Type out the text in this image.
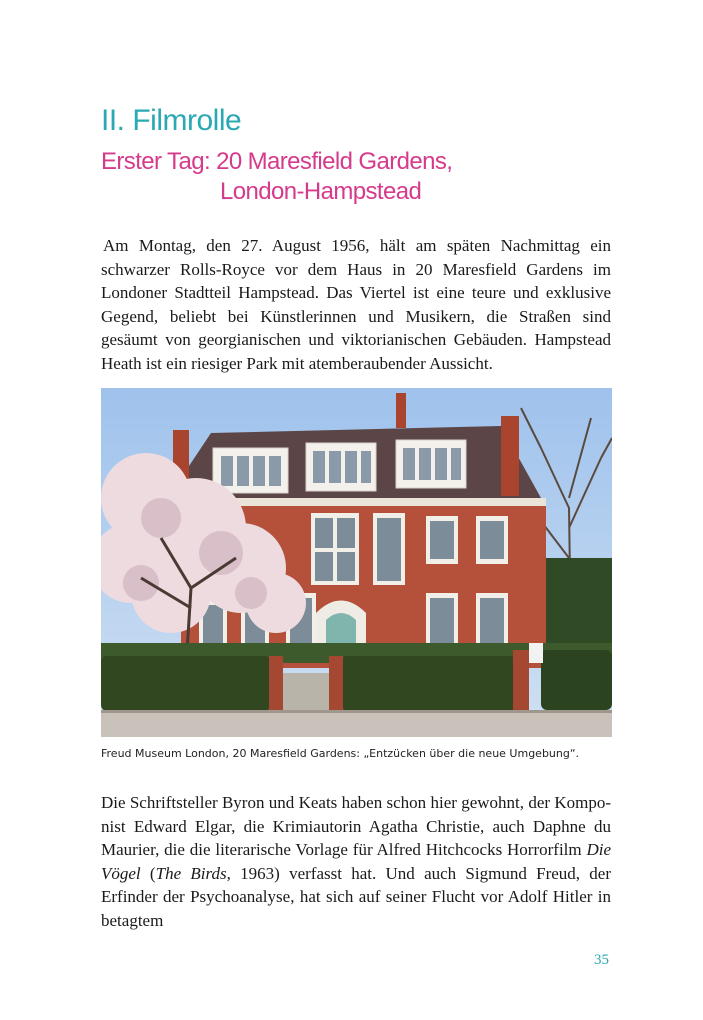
II. Filmrolle
Erster Tag: 20 Maresfield Gardens,
London-Hampstead

Am Montag, den 27. August 1956, hält am späten Nachmittag ein schwarzer Rolls-Royce vor dem Haus in 20 Maresfield Gardens im Londoner Stadtteil Hampstead. Das Viertel ist eine teure und exklusive Gegend, beliebt bei Künstlerinnen und Musikern, die Straßen sind gesäumt von georgianischen und viktorianischen Gebäuden. Hampstead Heath ist ein riesiger Park mit atemberaubender Aussicht.

Freud Museum London, 20 Maresfield Gardens: „Entzücken über die neue Umgebung“.

Die Schriftsteller Byron und Keats haben schon hier gewohnt, der Kompo-nist Edward Elgar, die Krimiautorin Agatha Christie, auch Daphne du Maurier, die die literarische Vorlage für Alfred Hitchcocks Horrorfilm Die Vögel (The Birds, 1963) verfasst hat. Und auch Sigmund Freud, der Erfinder der Psychoanalyse, hat sich auf seiner Flucht vor Adolf Hitler in betagtem

35
